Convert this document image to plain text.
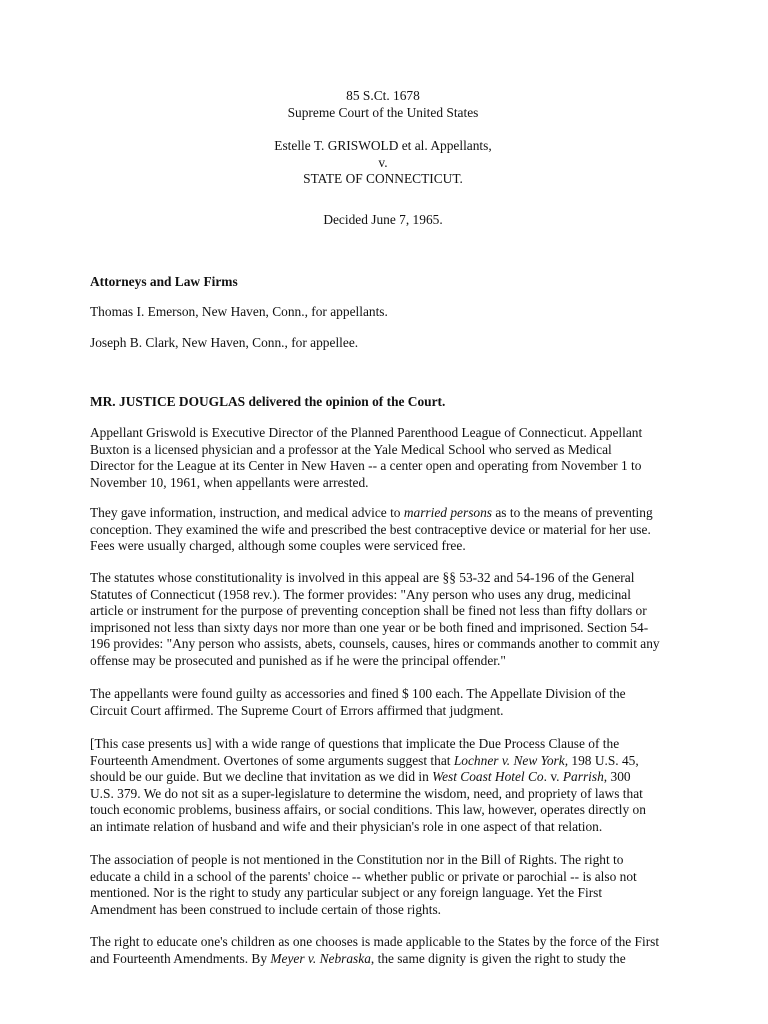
85 S.Ct. 1678
Supreme Court of the United States
Estelle T. GRISWOLD et al. Appellants,
v.
STATE OF CONNECTICUT.
Decided June 7, 1965.
Attorneys and Law Firms
Thomas I. Emerson, New Haven, Conn., for appellants.
Joseph B. Clark, New Haven, Conn., for appellee.
MR. JUSTICE DOUGLAS delivered the opinion of the Court.
Appellant Griswold is Executive Director of the Planned Parenthood League of Connecticut. Appellant
Buxton is a licensed physician and a professor at the Yale Medical School who served as Medical
Director for the League at its Center in New Haven -- a center open and operating from November 1 to
November 10, 1961, when appellants were arrested.
They gave information, instruction, and medical advice to married persons as to the means of preventing
conception. They examined the wife and prescribed the best contraceptive device or material for her use.
Fees were usually charged, although some couples were serviced free.
The statutes whose constitutionality is involved in this appeal are §§ 53-32 and 54-196 of the General
Statutes of Connecticut (1958 rev.). The former provides: "Any person who uses any drug, medicinal
article or instrument for the purpose of preventing conception shall be fined not less than fifty dollars or
imprisoned not less than sixty days nor more than one year or be both fined and imprisoned. Section 54-
196 provides: "Any person who assists, abets, counsels, causes, hires or commands another to commit any
offense may be prosecuted and punished as if he were the principal offender."
The appellants were found guilty as accessories and fined $ 100 each. The Appellate Division of the
Circuit Court affirmed. The Supreme Court of Errors affirmed that judgment.
[This case presents us] with a wide range of questions that implicate the Due Process Clause of the
Fourteenth Amendment. Overtones of some arguments suggest that Lochner v. New York, 198 U.S. 45,
should be our guide. But we decline that invitation as we did in West Coast Hotel Co. v. Parrish, 300
U.S. 379. We do not sit as a super-legislature to determine the wisdom, need, and propriety of laws that
touch economic problems, business affairs, or social conditions. This law, however, operates directly on
an intimate relation of husband and wife and their physician's role in one aspect of that relation.
The association of people is not mentioned in the Constitution nor in the Bill of Rights. The right to
educate a child in a school of the parents' choice -- whether public or private or parochial -- is also not
mentioned. Nor is the right to study any particular subject or any foreign language. Yet the First
Amendment has been construed to include certain of those rights.
The right to educate one's children as one chooses is made applicable to the States by the force of the First
and Fourteenth Amendments. By Meyer v. Nebraska, the same dignity is given the right to study the
